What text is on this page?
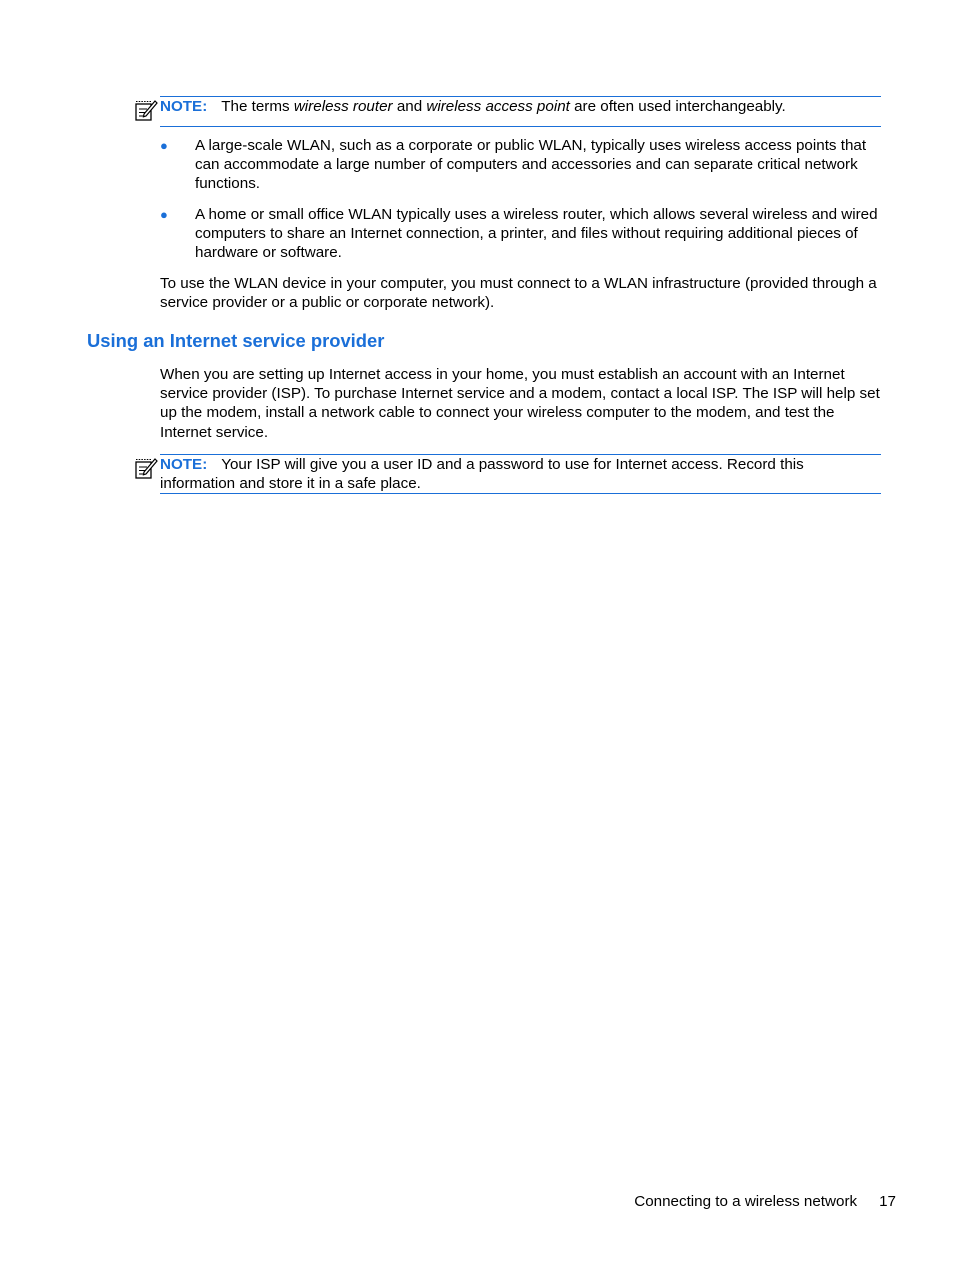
NOTE: The terms wireless router and wireless access point are often used interchangeably.

● A large-scale WLAN, such as a corporate or public WLAN, typically uses wireless access points that can accommodate a large number of computers and accessories and can separate critical network functions.

● A home or small office WLAN typically uses a wireless router, which allows several wireless and wired computers to share an Internet connection, a printer, and files without requiring additional pieces of hardware or software.

To use the WLAN device in your computer, you must connect to a WLAN infrastructure (provided through a service provider or a public or corporate network).

Using an Internet service provider

When you are setting up Internet access in your home, you must establish an account with an Internet service provider (ISP). To purchase Internet service and a modem, contact a local ISP. The ISP will help set up the modem, install a network cable to connect your wireless computer to the modem, and test the Internet service.

NOTE: Your ISP will give you a user ID and a password to use for Internet access. Record this information and store it in a safe place.

Connecting to a wireless network 17
